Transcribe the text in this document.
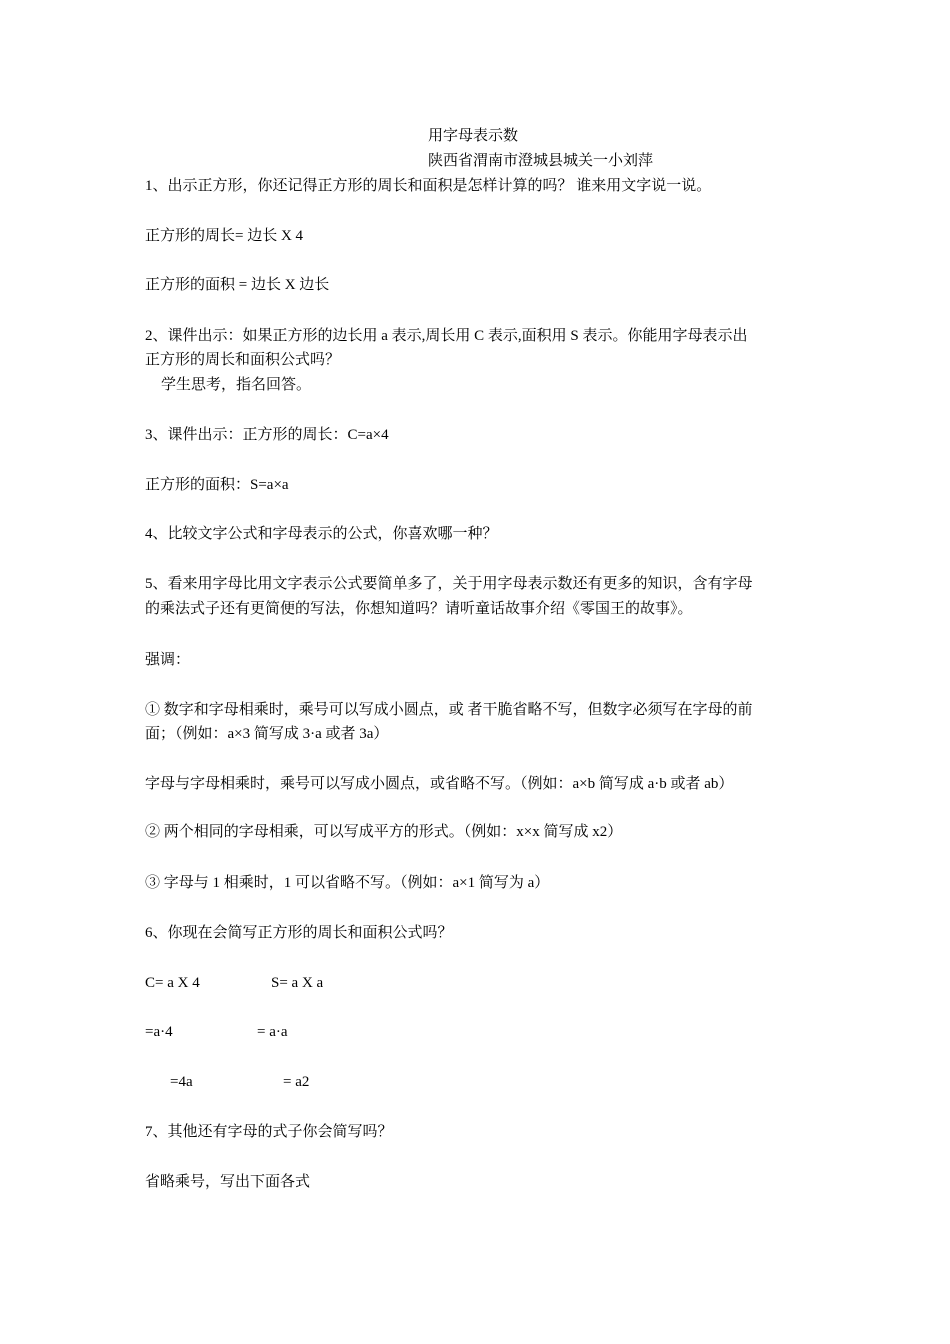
用字母表示数
陕西省渭南市澄城县城关一小刘萍
1、出示正方形，你还记得正方形的周长和面积是怎样计算的吗？ 谁来用文字说一说。
正方形的周长= 边长 X 4
正方形的面积 = 边长 X 边长
2、课件出示：如果正方形的边长用 a 表示,周长用 C 表示,面积用 S 表示。你能用字母表示出
正方形的周长和面积公式吗？
学生思考，指名回答。
3、课件出示：正方形的周长：C=a×4
正方形的面积：S=a×a
4、比较文字公式和字母表示的公式，你喜欢哪一种？
5、看来用字母比用文字表示公式要简单多了，关于用字母表示数还有更多的知识，含有字母
的乘法式子还有更简便的写法，你想知道吗？请听童话故事介绍《零国王的故事》。
强调：
① 数字和字母相乘时，乘号可以写成小圆点，或 者干脆省略不写，但数字必须写在字母的前
面；（例如：a×3 简写成 3·a 或者 3a）
字母与字母相乘时，乘号可以写成小圆点，或省略不写。（例如：a×b 简写成 a·b 或者 ab）
② 两个相同的字母相乘，可以写成平方的形式。（例如：x×x 简写成 x2）
③ 字母与 1 相乘时，1 可以省略不写。（例如：a×1 简写为 a）
6、你现在会简写正方形的周长和面积公式吗？
C= a X 4	S= a X a
=a·4	= a·a
=4a	= a2
7、其他还有字母的式子你会简写吗？
省略乘号，写出下面各式
